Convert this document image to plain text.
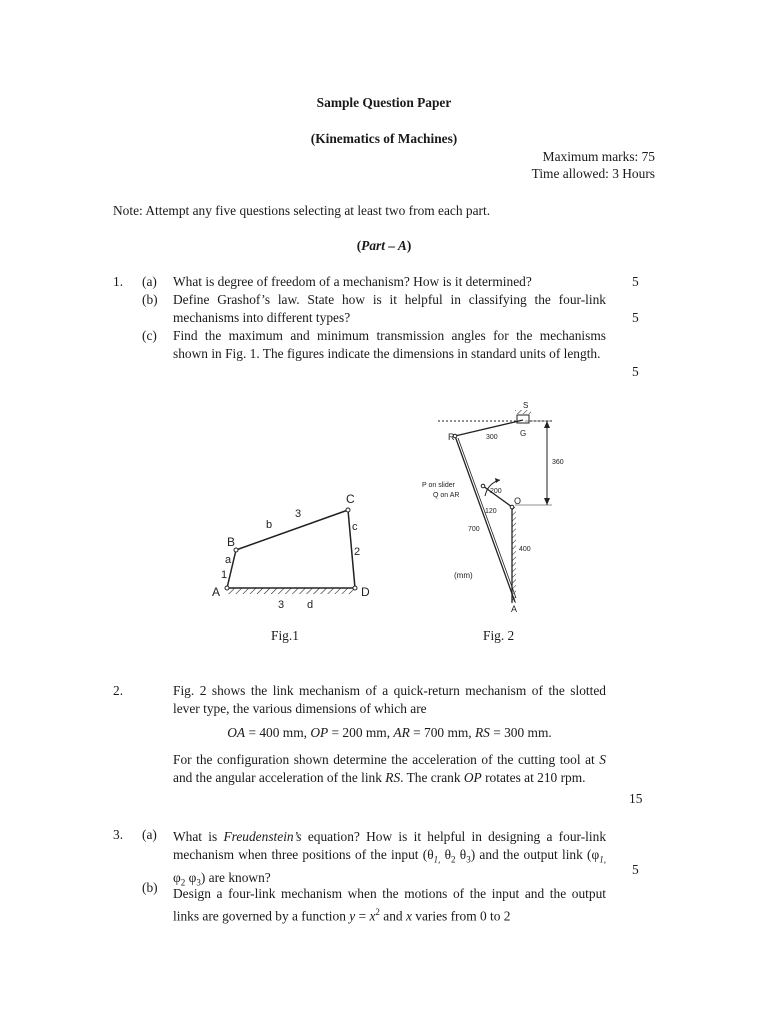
Sample Question Paper
(Kinematics of Machines)
Maximum marks: 75
Time allowed: 3 Hours
Note: Attempt any five questions selecting at least two from each part.
(Part – A)
1. (a) What is degree of freedom of a mechanism? How is it determined?	5
(b) Define Grashof’s law. State how is it helpful in classifying the four-link mechanisms into different types?	5
(c) Find the maximum and minimum transmission angles for the mechanisms shown in Fig. 1. The figures indicate the dimensions in standard units of length.
5
A
B
C
D
a
1
b
3
c
2
3 d
Fig.1
S
G
R	300
360
200
O
120
700
400
A
P on slider
Q on AR
(mm)
Fig. 2
2.	Fig. 2 shows the link mechanism of a quick-return mechanism of the slotted lever type, the various dimensions of which are
OA = 400 mm, OP = 200 mm, AR = 700 mm, RS = 300 mm.
For the configuration shown determine the acceleration of the cutting tool at S and the angular acceleration of the link RS. The crank OP rotates at 210 rpm.
15
3. (a) What is Freudenstein’s equation? How is it helpful in designing a four-link mechanism when three positions of the input ($\theta_{1,}$ $\theta_2$ $\theta_3$) and the output link ($\varphi_{1,}$ $\varphi_2$ $\varphi_3$) are known?
5
(b) Design a four-link mechanism when the motions of the input and the output links are governed by a function $y = x^2$ and x varies from 0 to 2
